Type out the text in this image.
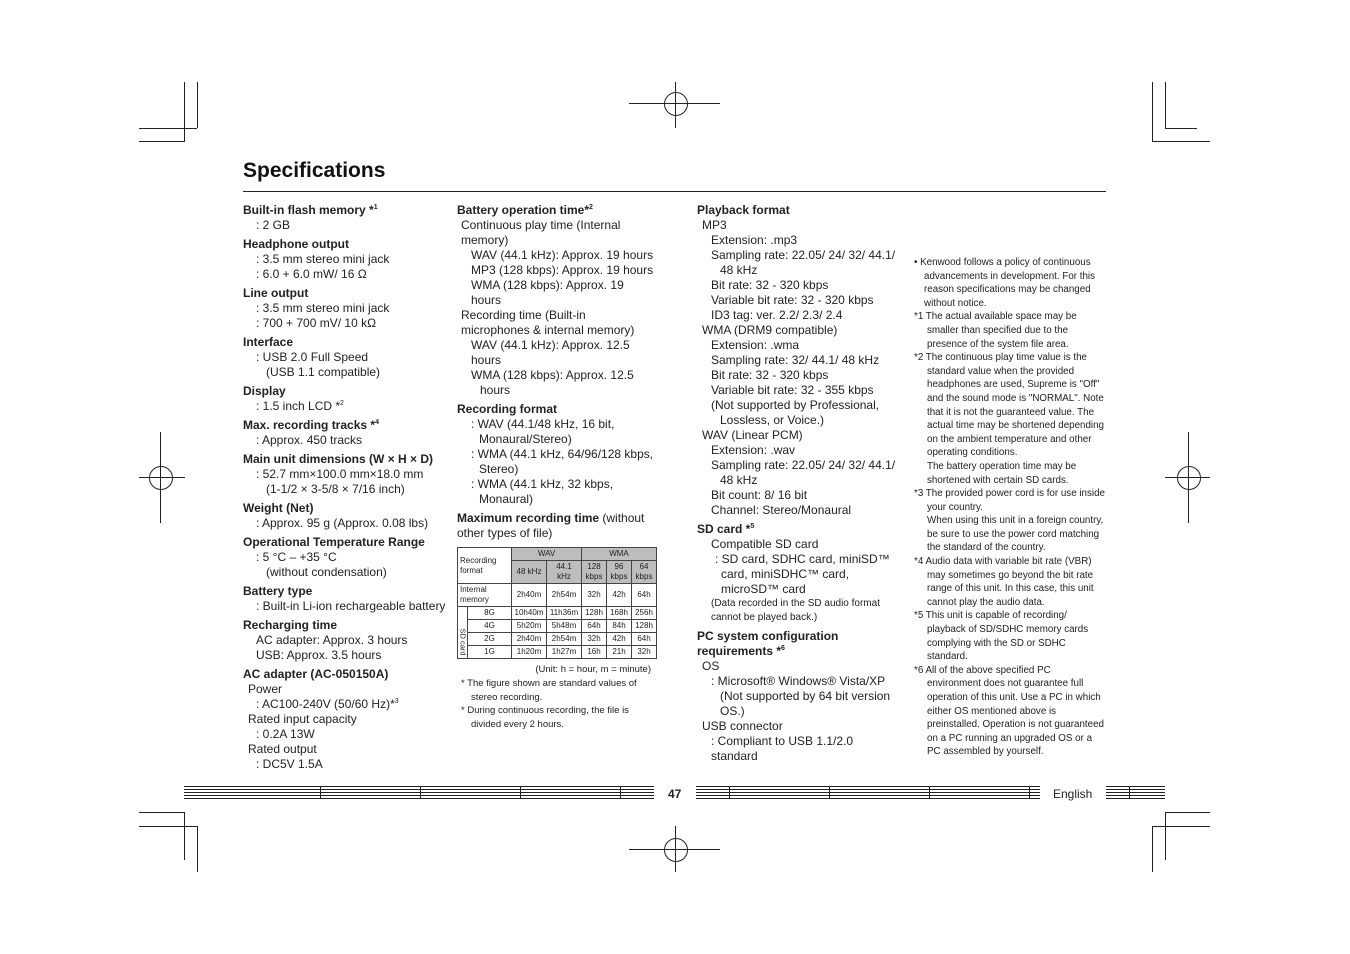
Specifications
Built-in flash memory *$^1$
: 2 GB
Headphone output
: 3.5 mm stereo mini jack
: 6.0 + 6.0 mW/ 16 Ω
Line output
: 3.5 mm stereo mini jack
: 700 + 700 mV/ 10 kΩ
Interface
: USB 2.0 Full Speed
(USB 1.1 compatible)
Display
: 1.5 inch LCD *$^2$
Max. recording tracks *$^4$
: Approx. 450 tracks
Main unit dimensions (W × H × D)
: 52.7 mm×100.0 mm×18.0 mm
(1-1/2 × 3-5/8 × 7/16 inch)
Weight (Net)
: Approx. 95 g (Approx. 0.08 lbs)
Operational Temperature Range
: 5 °C – +35 °C
(without condensation)
Battery type
: Built-in Li-ion rechargeable battery
Recharging time
AC adapter: Approx. 3 hours
USB: Approx. 3.5 hours
AC adapter (AC-050150A)
Power
: AC100-240V (50/60 Hz)*$^3$
Rated input capacity
: 0.2A 13W
Rated output
: DC5V 1.5A
Battery operation time*$^2$
Continuous play time (Internal memory)
WAV (44.1 kHz): Approx. 19 hours
MP3 (128 kbps): Approx. 19 hours
WMA (128 kbps): Approx. 19 hours
Recording time (Built-in microphones & internal memory)
WAV (44.1 kHz): Approx. 12.5 hours
WMA (128 kbps): Approx. 12.5 hours
Recording format
: WAV (44.1/48 kHz, 16 bit, Monaural/Stereo)
: WMA (44.1 kHz, 64/96/128 kbps, Stereo)
: WMA (44.1 kHz, 32 kbps, Monaural)
Maximum recording time (without other types of file)
Recording format		WAV		WMA		
		48 kHz	44.1 kHz	128 kbps	96 kbps	64 kbps
Internal memory		2h40m	2h54m	32h	42h	64h

SD card	8G	10h40m	11h36m	128h	168h	256h
	4G	5h20m	5h48m	64h	84h	128h
	2G	2h40m	2h54m	32h	42h	64h
	1G	1h20m	1h27m	16h	21h	32h
(Unit: h = hour, m = minute)
* The figure shown are standard values of stereo recording.
* During continuous recording, the file is divided every 2 hours.
Playback format
MP3
Extension: .mp3
Sampling rate: 22.05/ 24/ 32/ 44.1/ 48 kHz
Bit rate: 32 - 320 kbps
Variable bit rate: 32 - 320 kbps
ID3 tag: ver. 2.2/ 2.3/ 2.4
WMA (DRM9 compatible)
Extension: .wma
Sampling rate: 32/ 44.1/ 48 kHz
Bit rate: 32 - 320 kbps
Variable bit rate: 32 - 355 kbps
(Not supported by Professional, Lossless, or Voice.)
WAV (Linear PCM)
Extension: .wav
Sampling rate: 22.05/ 24/ 32/ 44.1/ 48 kHz
Bit count: 8/ 16 bit
Channel: Stereo/Monaural
SD card *$^5$
Compatible SD card
: SD card, SDHC card, miniSD™ card, miniSDHC™ card, microSD™ card
(Data recorded in the SD audio format cannot be played back.)
PC system configuration requirements *$^6$
OS
: Microsoft® Windows® Vista/XP (Not supported by 64 bit version OS.)
USB connector
: Compliant to USB 1.1/2.0 standard
• Kenwood follows a policy of continuous advancements in development. For this reason specifications may be changed without notice.
*1 The actual available space may be smaller than specified due to the presence of the system file area.
*2 The continuous play time value is the standard value when the provided headphones are used, Supreme is "Off" and the sound mode is "NORMAL". Note that it is not the guaranteed value. The actual time may be shortened depending on the ambient temperature and other operating conditions.
The battery operation time may be shortened with certain SD cards.
*3 The provided power cord is for use inside your country.
When using this unit in a foreign country, be sure to use the power cord matching the standard of the country.
*4 Audio data with variable bit rate (VBR) may sometimes go beyond the bit rate range of this unit. In this case, this unit cannot play the audio data.
*5 This unit is capable of recording/ playback of SD/SDHC memory cards complying with the SD or SDHC standard.
*6 All of the above specified PC environment does not guarantee full operation of this unit. Use a PC in which either OS mentioned above is preinstalled. Operation is not guaranteed on a PC running an upgraded OS or a PC assembled by yourself.
47	English
